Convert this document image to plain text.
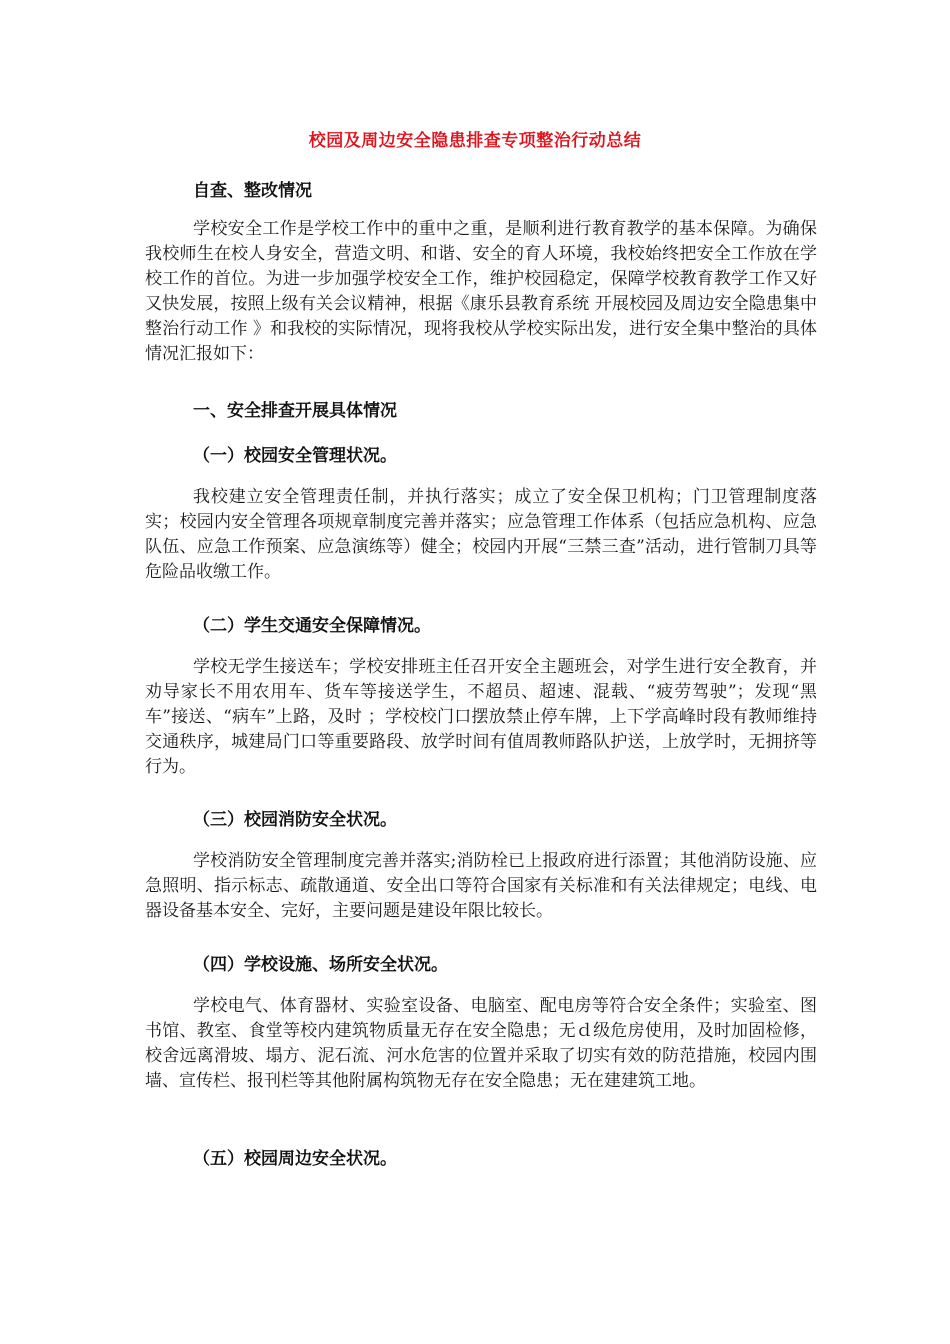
校园及周边安全隐患排查专项整治行动总结
自查、整改情况

学校安全工作是学校工作中的重中之重，是顺利进行教育教学的基本保障。为确保我校师生在校人身安全，营造文明、和谐、安全的育人环境，我校始终把安全工作放在学校工作的首位。为进一步加强学校安全工作，维护校园稳定，保障学校教育教学工作又好又快发展，按照上级有关会议精神，根据《康乐县教育系统 开展校园及周边安全隐患集中整治行动工作 》和我校的实际情况，现将我校从学校实际出发，进行安全集中整治的具体情况汇报如下：

一、安全排查开展具体情况
（一）校园安全管理状况。

我校建立安全管理责任制，并执行落实；成立了安全保卫机构；门卫管理制度落实；校园内安全管理各项规章制度完善并落实；应急管理工作体系（包括应急机构、应急队伍、应急工作预案、应急演练等）健全；校园内开展“三禁三查”活动，进行管制刀具等危险品收缴工作。

（二）学生交通安全保障情况。

学校无学生接送车；学校安排班主任召开安全主题班会，对学生进行安全教育，并劝导家长不用农用车、货车等接送学生，不超员、超速、混载、“疲劳驾驶”；发现“黑车”接送、“病车”上路，及时 ；学校校门口摆放禁止停车牌，上下学高峰时段有教师维持交通秩序，城建局门口等重要路段、放学时间有值周教师路队护送，上放学时，无拥挤等行为。

（三）校园消防安全状况。

学校消防安全管理制度完善并落实;消防栓已上报政府进行添置；其他消防设施、应急照明、指示标志、疏散通道、安全出口等符合国家有关标准和有关法律规定；电线、电器设备基本安全、完好，主要问题是建设年限比较长。

（四）学校设施、场所安全状况。

学校电气、体育器材、实验室设备、电脑室、配电房等符合安全条件；实验室、图书馆、教室、食堂等校内建筑物质量无存在安全隐患；无ｄ级危房使用，及时加固检修，校舍远离滑坡、塌方、泥石流、河水危害的位置并采取了切实有效的防范措施，校园内围墙、宣传栏、报刊栏等其他附属构筑物无存在安全隐患；无在建建筑工地。

（五）校园周边安全状况。
